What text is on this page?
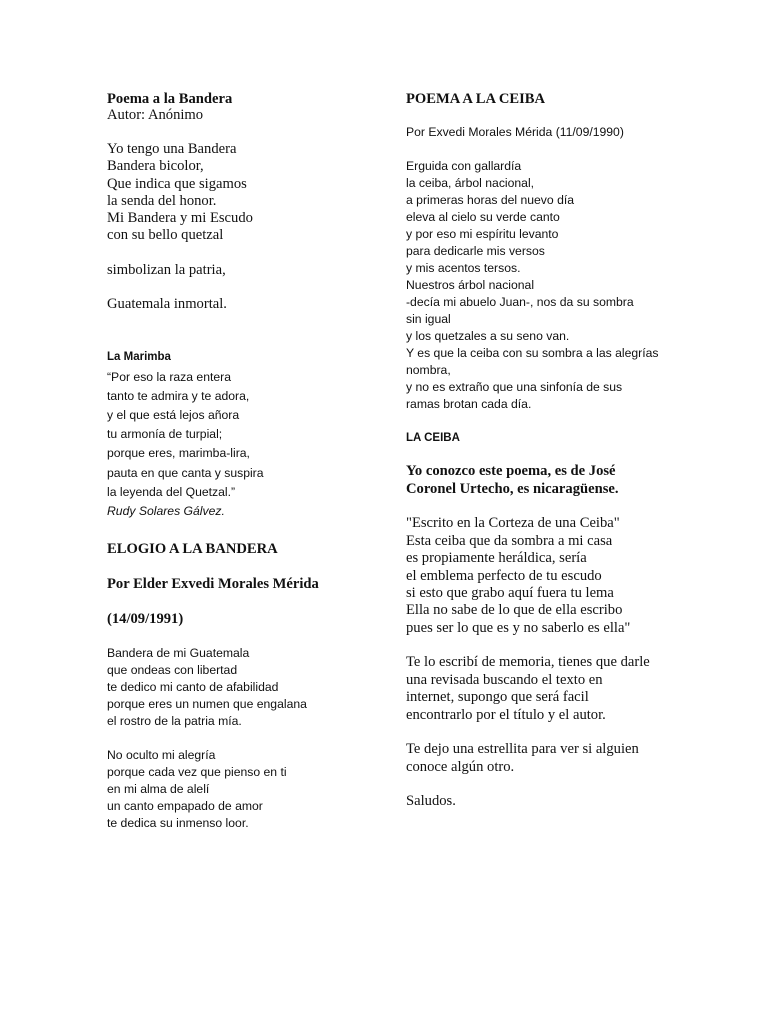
Poema a la Bandera
Autor: Anónimo
Yo tengo una Bandera
Bandera bicolor,
Que indica que sigamos
la senda del honor.
Mi Bandera y mi Escudo
con su bello quetzal
simbolizan la patria,
Guatemala inmortal.
La Marimba
“Por eso la raza entera
tanto te admira y te adora,
y el que está lejos añora
tu armonía de turpial;
porque eres, marimba-lira,
pauta en que canta y suspira
la leyenda del Quetzal.”
Rudy Solares Gálvez.
ELOGIO A LA BANDERA
Por Elder Exvedi Morales Mérida
(14/09/1991)
Bandera de mi Guatemala
que ondeas con libertad
te dedico mi canto de afabilidad
porque eres un numen que engalana
el rostro de la patria mía.
No oculto mi alegría
porque cada vez que pienso en ti
en mi alma de alelí
un canto empapado de amor
te dedica su inmenso loor.
POEMA A LA CEIBA
Por Exvedi Morales Mérida (11/09/1990)
Erguida con gallardía
la ceiba, árbol nacional,
a primeras horas del nuevo día
eleva al cielo su verde canto
y por eso mi espíritu levanto
para dedicarle mis versos
y mis acentos tersos.
Nuestros árbol nacional
-decía mi abuelo Juan-, nos da su sombra
sin igual
y los quetzales a su seno van.
Y es que la ceiba con su sombra a las alegrías
nombra,
y no es extraño que una sinfonía de sus
ramas brotan cada día.
LA CEIBA
Yo conozco este poema, es de José
Coronel Urtecho, es nicaragüense.
"Escrito en la Corteza de una Ceiba"
Esta ceiba que da sombra a mi casa
es propiamente heráldica, sería
el emblema perfecto de tu escudo
si esto que grabo aquí fuera tu lema
Ella no sabe de lo que de ella escribo
pues ser lo que es y no saberlo es ella"
Te lo escribí de memoria, tienes que darle
una revisada buscando el texto en
internet, supongo que será facil
encontrarlo por el título y el autor.
Te dejo una estrellita para ver si alguien
conoce algún otro.
Saludos.
